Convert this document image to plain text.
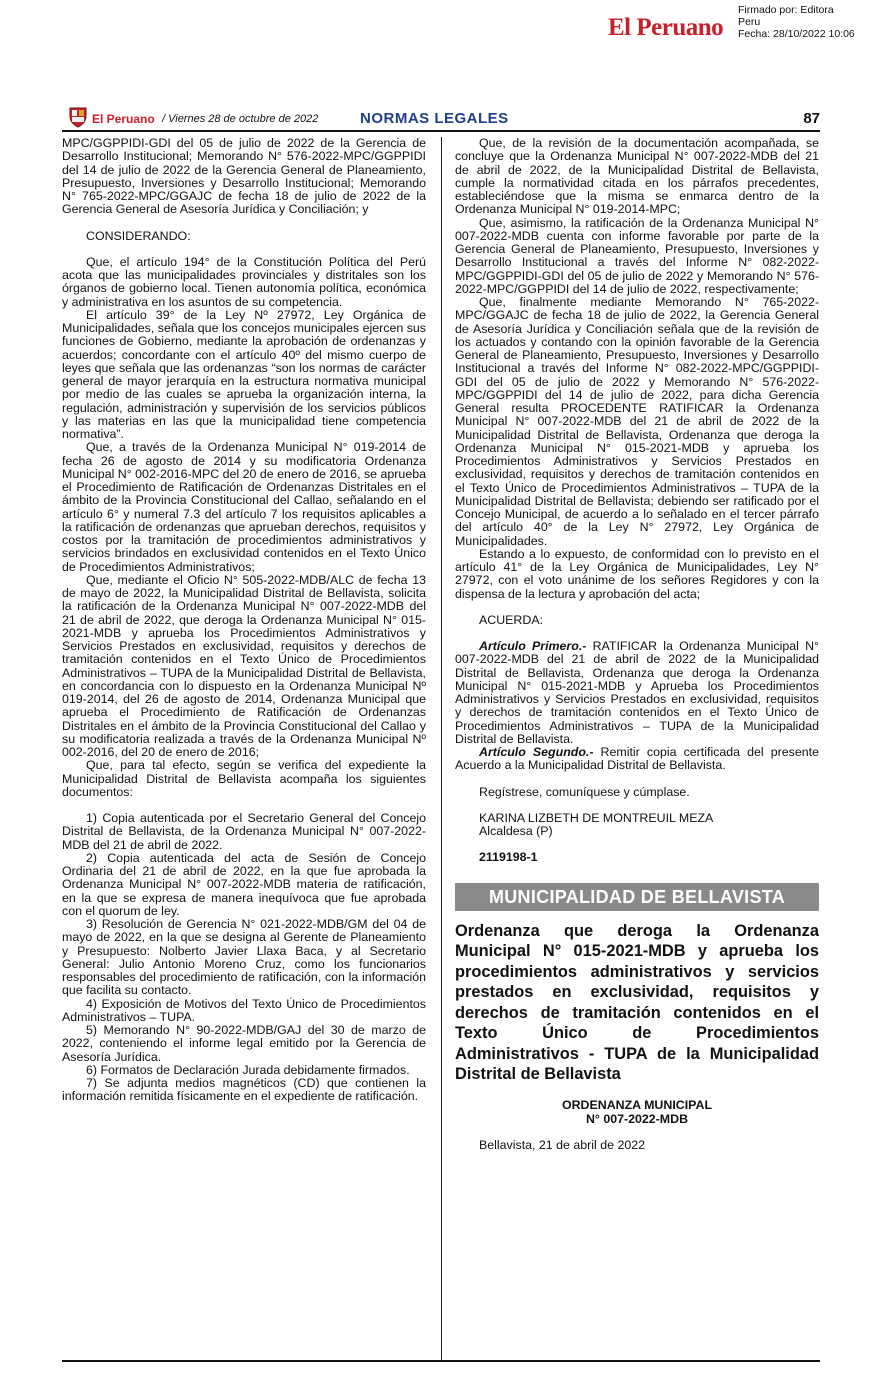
El Peruano
Firmado por: Editora
Peru
Fecha: 28/10/2022 10:06
El Peruano / Viernes 28 de octubre de 2022	NORMAS LEGALES	87

MPC/GGPPIDI-GDI del 05 de julio de 2022 de la Gerencia de Desarrollo Institucional; Memorando N° 576-2022-MPC/GGPPIDI del 14 de julio de 2022 de la Gerencia General de Planeamiento, Presupuesto, Inversiones y Desarrollo Institucional; Memorando N° 765-2022-MPC/GGAJC de fecha 18 de julio de 2022 de la Gerencia General de Asesoría Jurídica y Conciliación; y

CONSIDERANDO:

Que, el artículo 194° de la Constitución Política del Perú acota que las municipalidades provinciales y distritales son los órganos de gobierno local. Tienen autonomía política, económica y administrativa en los asuntos de su competencia.

El artículo 39° de la Ley Nº 27972, Ley Orgánica de Municipalidades, señala que los concejos municipales ejercen sus funciones de Gobierno, mediante la aprobación de ordenanzas y acuerdos; concordante con el artículo 40º del mismo cuerpo de leyes que señala que las ordenanzas “son los normas de carácter general de mayor jerarquía en la estructura normativa municipal por medio de las cuales se aprueba la organización interna, la regulación, administración y supervisión de los servicios públicos y las materias en las que la municipalidad tiene competencia normativa”.

Que, a través de la Ordenanza Municipal N° 019-2014 de fecha 26 de agosto de 2014 y su modificatoria Ordenanza Municipal N° 002-2016-MPC del 20 de enero de 2016, se aprueba el Procedimiento de Ratificación de Ordenanzas Distritales en el ámbito de la Provincia Constitucional del Callao, señalando en el artículo 6° y numeral 7.3 del artículo 7 los requisitos aplicables a la ratificación de ordenanzas que aprueban derechos, requisitos y costos por la tramitación de procedimientos administrativos y servicios brindados en exclusividad contenidos en el Texto Único de Procedimientos Administrativos;

Que, mediante el Oficio N° 505-2022-MDB/ALC de fecha 13 de mayo de 2022, la Municipalidad Distrital de Bellavista, solicita la ratificación de la Ordenanza Municipal N° 007-2022-MDB del 21 de abril de 2022, que deroga la Ordenanza Municipal N° 015-2021-MDB y aprueba los Procedimientos Administrativos y Servicios Prestados en exclusividad, requisitos y derechos de tramitación contenidos en el Texto Único de Procedimientos Administrativos – TUPA de la Municipalidad Distrital de Bellavista, en concordancia con lo dispuesto en la Ordenanza Municipal Nº 019-2014, del 26 de agosto de 2014, Ordenanza Municipal que aprueba el Procedimiento de Ratificación de Ordenanzas Distritales en el ámbito de la Provincia Constitucional del Callao y su modificatoria realizada a través de la Ordenanza Municipal Nº 002-2016, del 20 de enero de 2016;

Que, para tal efecto, según se verifica del expediente la Municipalidad Distrital de Bellavista acompaña los siguientes documentos:

1) Copia autenticada por el Secretario General del Concejo Distrital de Bellavista, de la Ordenanza Municipal N° 007-2022-MDB del 21 de abril de 2022.

2) Copia autenticada del acta de Sesión de Concejo Ordinaria del 21 de abril de 2022, en la que fue aprobada la Ordenanza Municipal N° 007-2022-MDB materia de ratificación, en la que se expresa de manera inequívoca que fue aprobada con el quorum de ley.

3) Resolución de Gerencia N° 021-2022-MDB/GM del 04 de mayo de 2022, en la que se designa al Gerente de Planeamiento y Presupuesto: Nolberto Javier Llaxa Baca, y al Secretario General: Julio Antonio Moreno Cruz, como los funcionarios responsables del procedimiento de ratificación, con la información que facilita su contacto.

4) Exposición de Motivos del Texto Único de Procedimientos Administrativos – TUPA.

5) Memorando N° 90-2022-MDB/GAJ del 30 de marzo de 2022, conteniendo el informe legal emitido por la Gerencia de Asesoría Jurídica.

6) Formatos de Declaración Jurada debidamente firmados.

7) Se adjunta medios magnéticos (CD) que contienen la información remitida físicamente en el expediente de ratificación.

Que, de la revisión de la documentación acompañada, se concluye que la Ordenanza Municipal N° 007-2022-MDB del 21 de abril de 2022, de la Municipalidad Distrital de Bellavista, cumple la normatividad citada en los párrafos precedentes, estableciéndose que la misma se enmarca dentro de la Ordenanza Municipal N° 019-2014-MPC;

Que, asimismo, la ratificación de la Ordenanza Municipal N° 007-2022-MDB cuenta con informe favorable por parte de la Gerencia General de Planeamiento, Presupuesto, Inversiones y Desarrollo Institucional a través del Informe N° 082-2022-MPC/GGPPIDI-GDI del 05 de julio de 2022 y Memorando N° 576-2022-MPC/GGPPIDI del 14 de julio de 2022, respectivamente;

Que, finalmente mediante Memorando N° 765-2022-MPC/GGAJC de fecha 18 de julio de 2022, la Gerencia General de Asesoría Jurídica y Conciliación señala que de la revisión de los actuados y contando con la opinión favorable de la Gerencia General de Planeamiento, Presupuesto, Inversiones y Desarrollo Institucional a través del Informe N° 082-2022-MPC/GGPPIDI-GDI del 05 de julio de 2022 y Memorando N° 576-2022-MPC/GGPPIDI del 14 de julio de 2022, para dicha Gerencia General resulta PROCEDENTE RATIFICAR la Ordenanza Municipal N° 007-2022-MDB del 21 de abril de 2022 de la Municipalidad Distrital de Bellavista, Ordenanza que deroga la Ordenanza Municipal N° 015-2021-MDB y aprueba los Procedimientos Administrativos y Servicios Prestados en exclusividad, requisitos y derechos de tramitación contenidos en el Texto Único de Procedimientos Administrativos – TUPA de la Municipalidad Distrital de Bellavista; debiendo ser ratificado por el Concejo Municipal, de acuerdo a lo señalado en el tercer párrafo del artículo 40° de la Ley N° 27972, Ley Orgánica de Municipalidades.

Estando a lo expuesto, de conformidad con lo previsto en el artículo 41° de la Ley Orgánica de Municipalidades, Ley N° 27972, con el voto unánime de los señores Regidores y con la dispensa de la lectura y aprobación del acta;

ACUERDA:

Artículo Primero.- RATIFICAR la Ordenanza Municipal N° 007-2022-MDB del 21 de abril de 2022 de la Municipalidad Distrital de Bellavista, Ordenanza que deroga la Ordenanza Municipal N° 015-2021-MDB y Aprueba los Procedimientos Administrativos y Servicios Prestados en exclusividad, requisitos y derechos de tramitación contenidos en el Texto Único de Procedimientos Administrativos – TUPA de la Municipalidad Distrital de Bellavista.

Artículo Segundo.- Remitir copia certificada del presente Acuerdo a la Municipalidad Distrital de Bellavista.

Regístrese, comuníquese y cúmplase.

KARINA LIZBETH DE MONTREUIL MEZA

Alcaldesa (P)

2119198-1

MUNICIPALIDAD DE BELLAVISTA
Ordenanza que deroga la Ordenanza Municipal N° 015-2021-MDB y aprueba los procedimientos administrativos y servicios prestados en exclusividad, requisitos y derechos de tramitación contenidos en el Texto Único de Procedimientos Administrativos - TUPA de la Municipalidad Distrital de Bellavista

ORDENANZA MUNICIPAL

N° 007-2022-MDB

Bellavista, 21 de abril de 2022
